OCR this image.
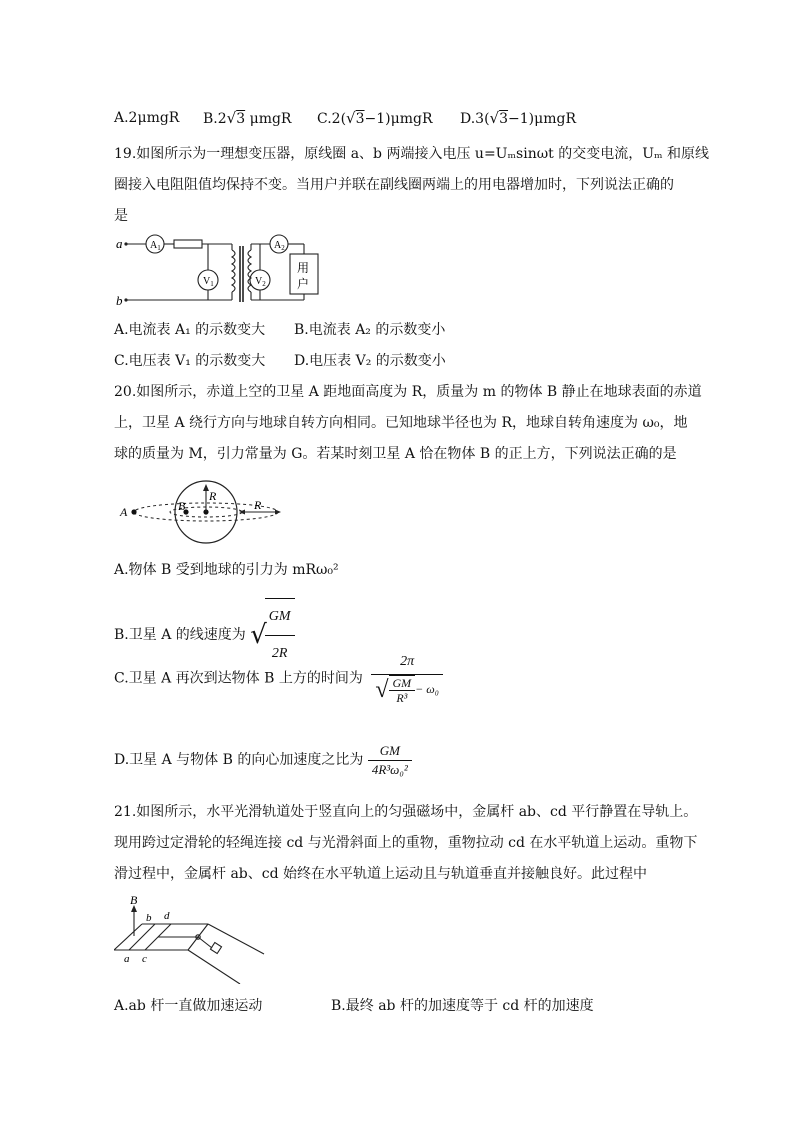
A.2μmgR B.2√3 μmgR C.2(√3−1)μmgR D.3(√3−1)μmgR
19.如图所示为一理想变压器，原线圈 a、b 两端接入电压 u=Uₘsinωt 的交变电流，Uₘ 和原线
圈接入电阻阻值均保持不变。当用户并联在副线圈两端上的用电器增加时，下列说法正确的
是
a
b
$A_1$	$A_2$
$V_1$	$V_2$
用
户
A.电流表 A₁ 的示数变大 B.电流表 A₂ 的示数变小
C.电压表 V₁ 的示数变大 D.电压表 V₂ 的示数变小
20.如图所示，赤道上空的卫星 A 距地面高度为 R，质量为 m 的物体 B 静止在地球表面的赤道
上，卫星 A 绕行方向与地球自转方向相同。已知地球半径也为 R，地球自转角速度为 ω₀，地
球的质量为 M，引力常量为 G。若某时刻卫星 A 恰在物体 B 的正上方，下列说法正确的是
A	B
R
R
A.物体 B 受到地球的引力为 mRω₀²
B.卫星 A 的线速度为 √
$\frac{GM}{2R}$
C.卫星 A 再次到达物体 B 上方的时间为 $\frac{2\pi}{√ \frac{GM}{\text{R³}} - \omega_0}$
D.卫星 A 与物体 B 的向心加速度之比为 $\frac{GM}{\text{4R³ω₀²}}$
21.如图所示，水平光滑轨道处于竖直向上的匀强磁场中，金属杆 ab、cd 平行静置在导轨上。
现用跨过定滑轮的轻绳连接 cd 与光滑斜面上的重物，重物拉动 cd 在水平轨道上运动。重物下
滑过程中，金属杆 ab、cd 始终在水平轨道上运动且与轨道垂直并接触良好。此过程中
B
b d
a c
A.ab 杆一直做加速运动	B.最终 ab 杆的加速度等于 cd 杆的加速度
